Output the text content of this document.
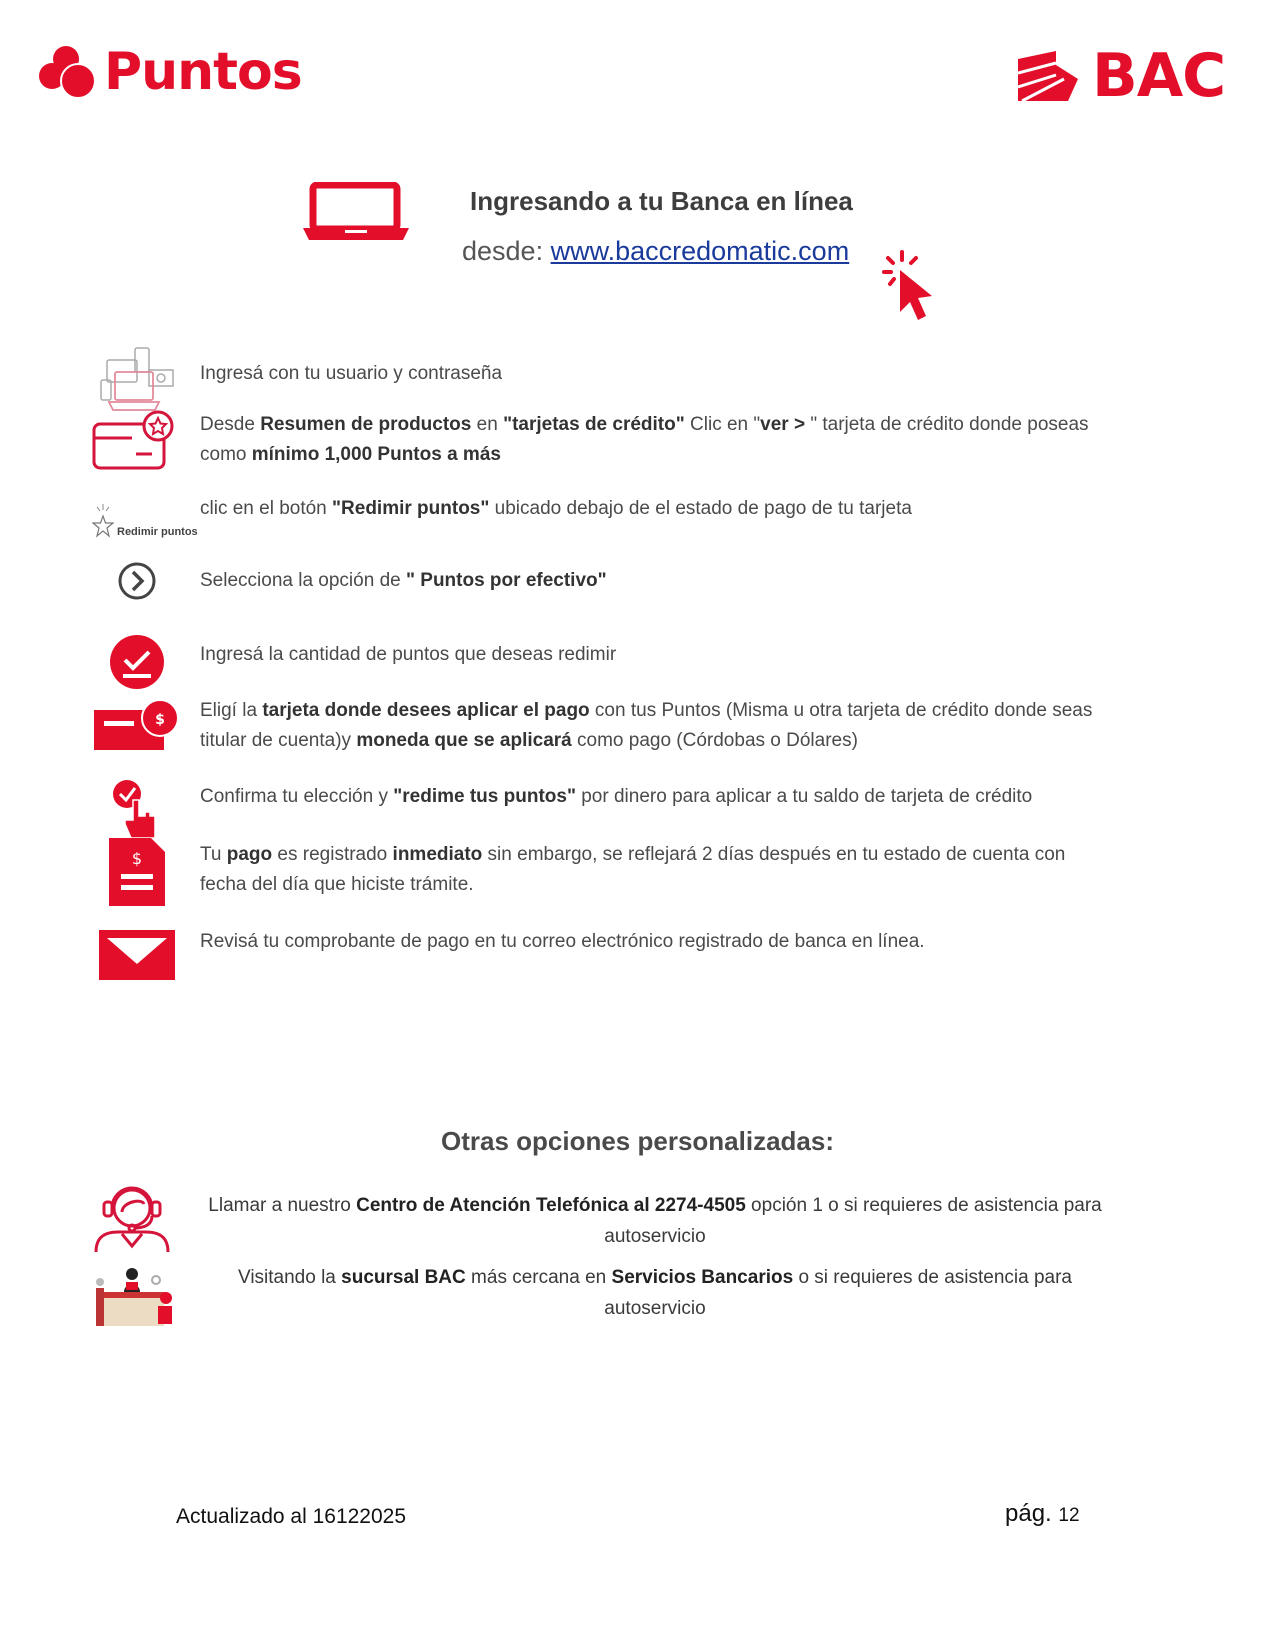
Puntos	BAC
Ingresando a tu Banca en línea
desde: www.baccredomatic.com
Ingresá con tu usuario y contraseña
Desde Resumen de productos en "tarjetas de crédito" Clic en "ver > " tarjeta de crédito donde poseas como mínimo 1,000 Puntos a más
Redimir puntos
clic en el botón "Redimir puntos" ubicado debajo de el estado de pago de tu tarjeta
Selecciona la opción de " Puntos por efectivo"
Ingresá la cantidad de puntos que deseas redimir
$ Eligí la tarjeta donde desees aplicar el pago con tus Puntos (Misma u otra tarjeta de crédito donde seas titular de cuenta)y moneda que se aplicará como pago (Córdobas o Dólares)
Confirma tu elección y "redime tus puntos" por dinero para aplicar a tu saldo de tarjeta de crédito
$	Tu pago es registrado inmediato sin embargo, se reflejará 2 días después en tu estado de cuenta con fecha del día que hiciste trámite.
Revisá tu comprobante de pago en tu correo electrónico registrado de banca en línea.
Otras opciones personalizadas:
Llamar a nuestro Centro de Atención Telefónica al 2274-4505 opción 1 o si requieres de asistencia para autoservicio
Visitando la sucursal BAC más cercana en Servicios Bancarios o si requieres de asistencia para autoservicio
Actualizado al 16122025	pág. 12
